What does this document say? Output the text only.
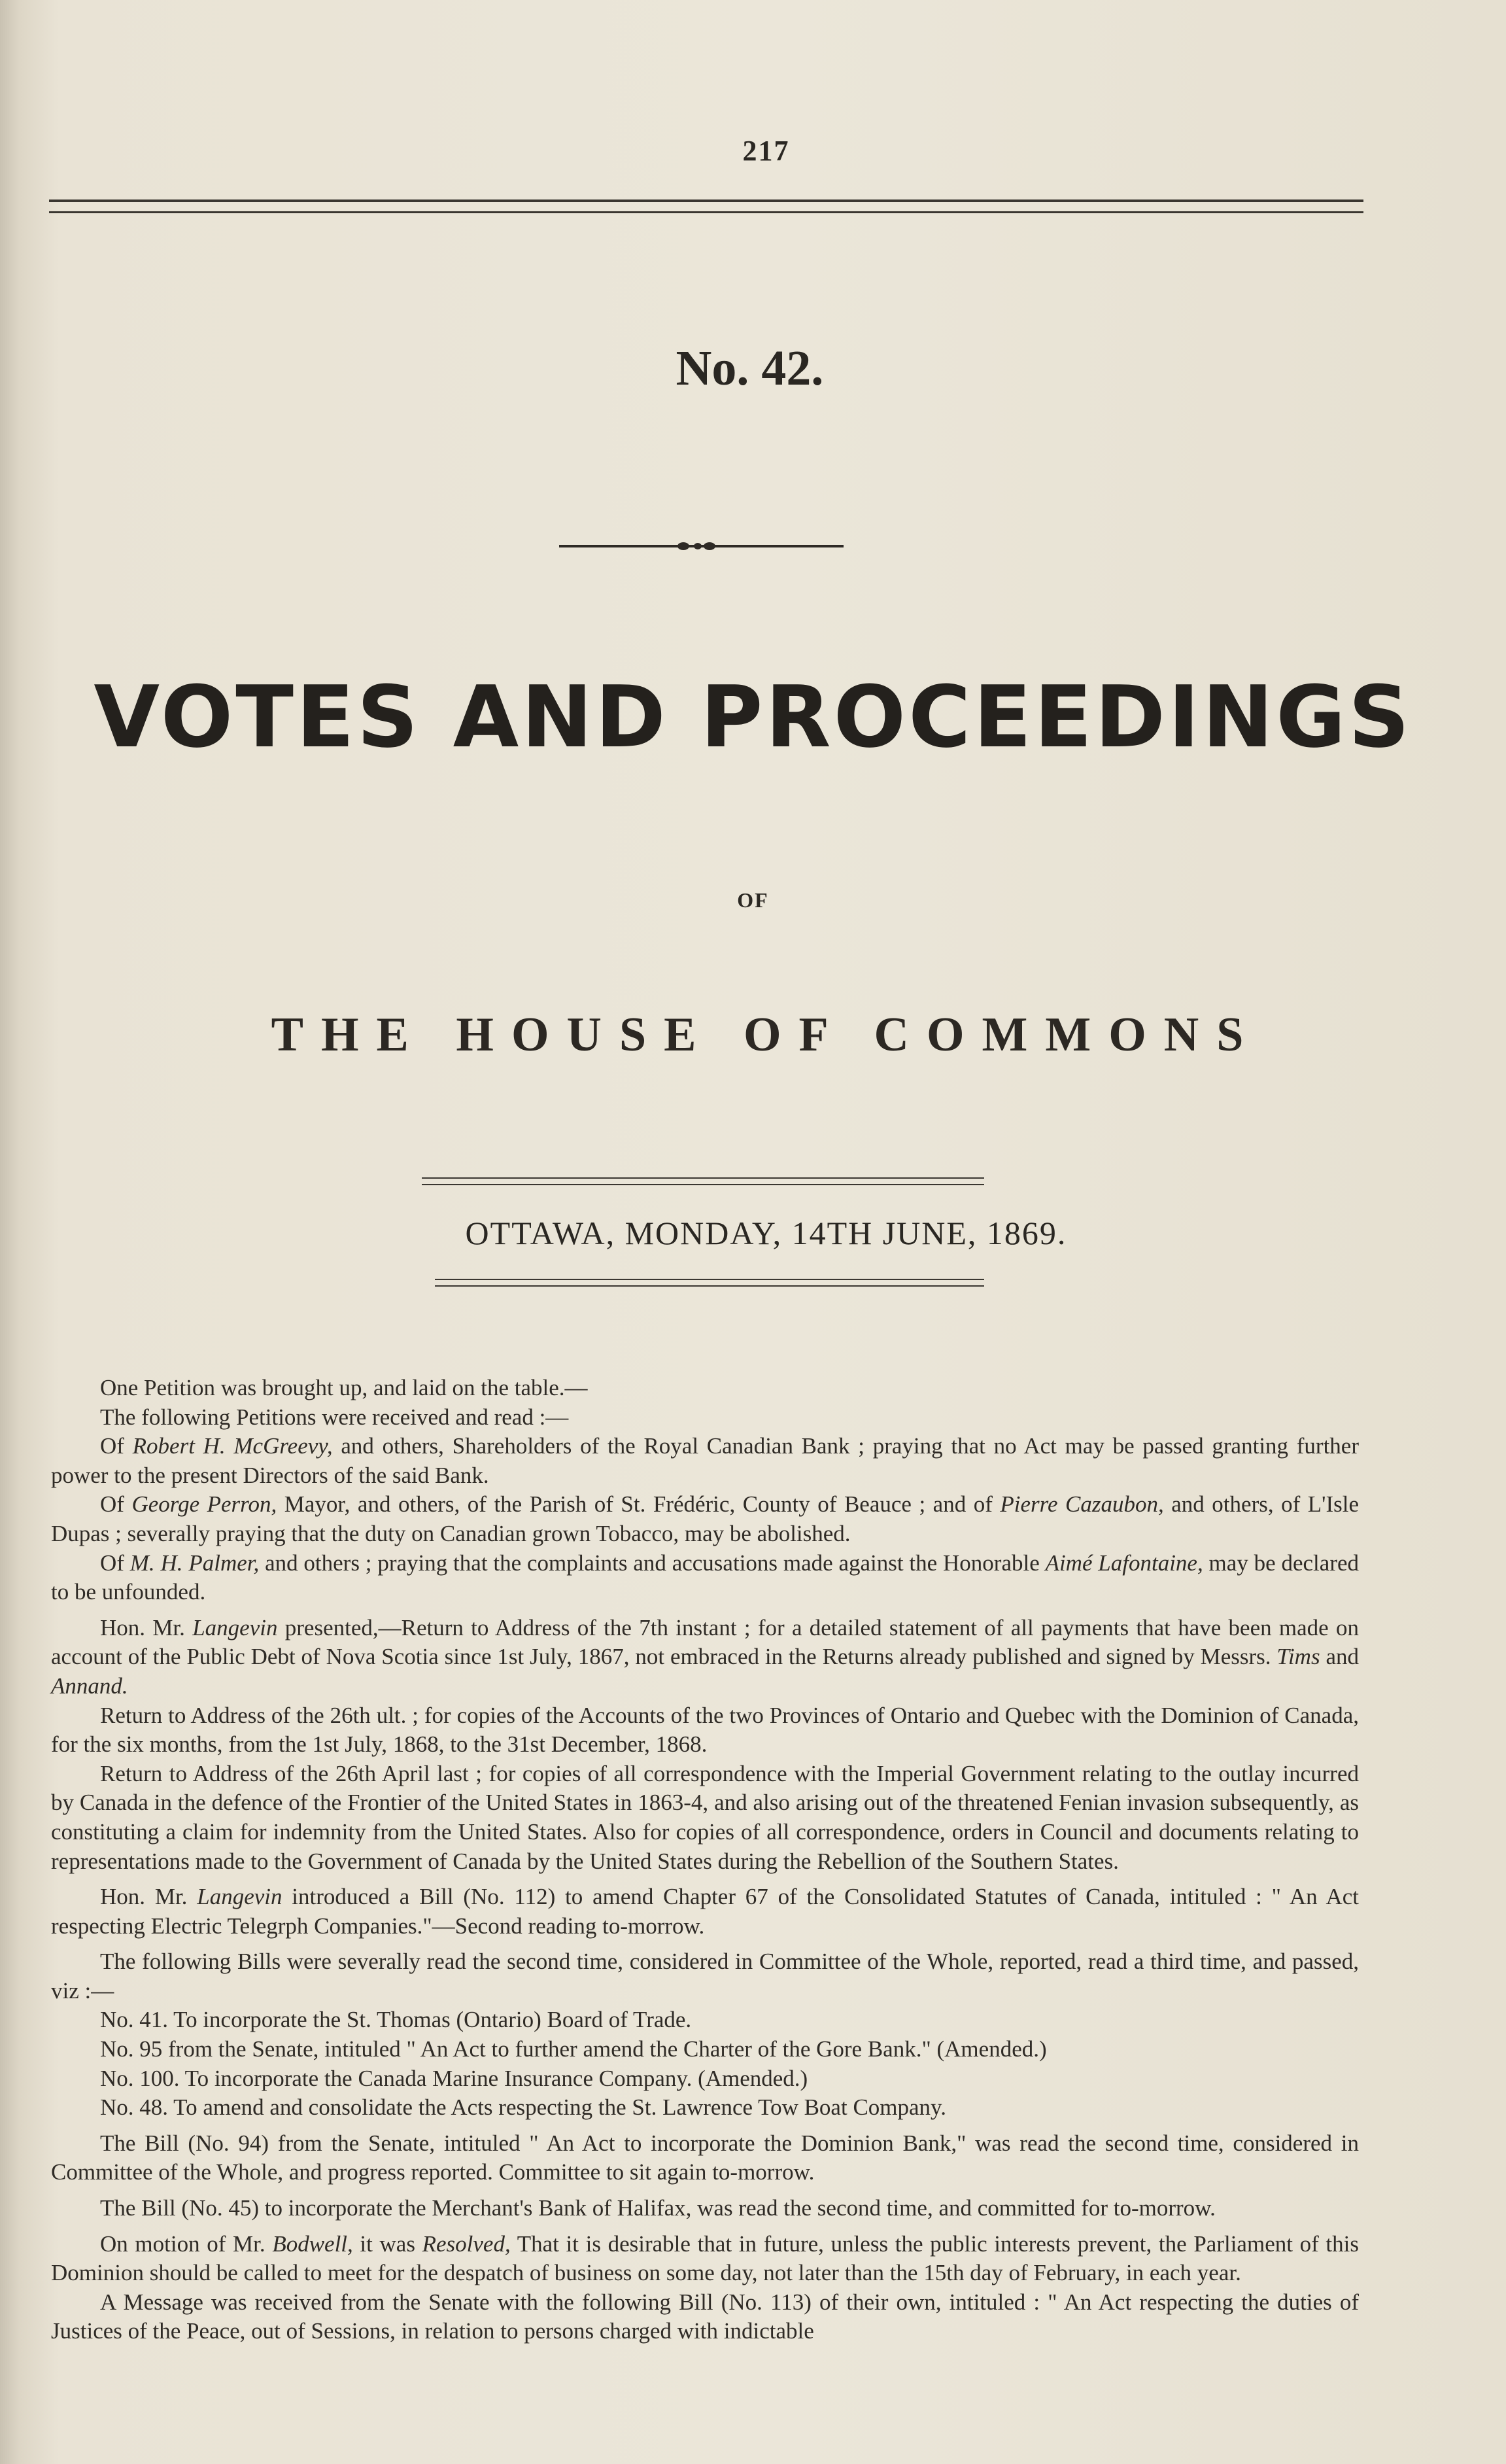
217
No. 42.
VOTES AND PROCEEDINGS
OF
THE HOUSE OF COMMONS
OTTAWA, MONDAY, 14TH JUNE, 1869.

One Petition was brought up, and laid on the table.—

The following Petitions were received and read :—

Of Robert H. McGreevy, and others, Shareholders of the Royal Canadian Bank ; praying that no Act may be passed granting further power to the present Directors of the said Bank.

Of George Perron, Mayor, and others, of the Parish of St. Frédéric, County of Beauce ; and of Pierre Cazaubon, and others, of L'Isle Dupas ; severally praying that the duty on Canadian grown Tobacco, may be abolished.

Of M. H. Palmer, and others ; praying that the complaints and accusations made against the Honorable Aimé Lafontaine, may be declared to be unfounded.

Hon. Mr. Langevin presented,—Return to Address of the 7th instant ; for a detailed statement of all payments that have been made on account of the Public Debt of Nova Scotia since 1st July, 1867, not embraced in the Returns already published and signed by Messrs. Tims and Annand.

Return to Address of the 26th ult. ; for copies of the Accounts of the two Provinces of Ontario and Quebec with the Dominion of Canada, for the six months, from the 1st July, 1868, to the 31st December, 1868.

Return to Address of the 26th April last ; for copies of all correspondence with the Imperial Government relating to the outlay incurred by Canada in the defence of the Frontier of the United States in 1863-4, and also arising out of the threatened Fenian invasion subsequently, as constituting a claim for indemnity from the United States. Also for copies of all correspondence, orders in Council and documents relating to representations made to the Government of Canada by the United States during the Rebellion of the Southern States.

Hon. Mr. Langevin introduced a Bill (No. 112) to amend Chapter 67 of the Consolidated Statutes of Canada, intituled : " An Act respecting Electric Telegrph Companies."—Second reading to-morrow.

The following Bills were severally read the second time, considered in Committee of the Whole, reported, read a third time, and passed, viz :—

No. 41. To incorporate the St. Thomas (Ontario) Board of Trade.

No. 95 from the Senate, intituled " An Act to further amend the Charter of the Gore Bank." (Amended.)

No. 100. To incorporate the Canada Marine Insurance Company. (Amended.)

No. 48. To amend and consolidate the Acts respecting the St. Lawrence Tow Boat Company.

The Bill (No. 94) from the Senate, intituled " An Act to incorporate the Dominion Bank," was read the second time, considered in Committee of the Whole, and progress reported. Committee to sit again to-morrow.

The Bill (No. 45) to incorporate the Merchant's Bank of Halifax, was read the second time, and committed for to-morrow.

On motion of Mr. Bodwell, it was Resolved, That it is desirable that in future, unless the public interests prevent, the Parliament of this Dominion should be called to meet for the despatch of business on some day, not later than the 15th day of February, in each year.

A Message was received from the Senate with the following Bill (No. 113) of their own, intituled : " An Act respecting the duties of Justices of the Peace, out of Sessions, in relation to persons charged with indictable
